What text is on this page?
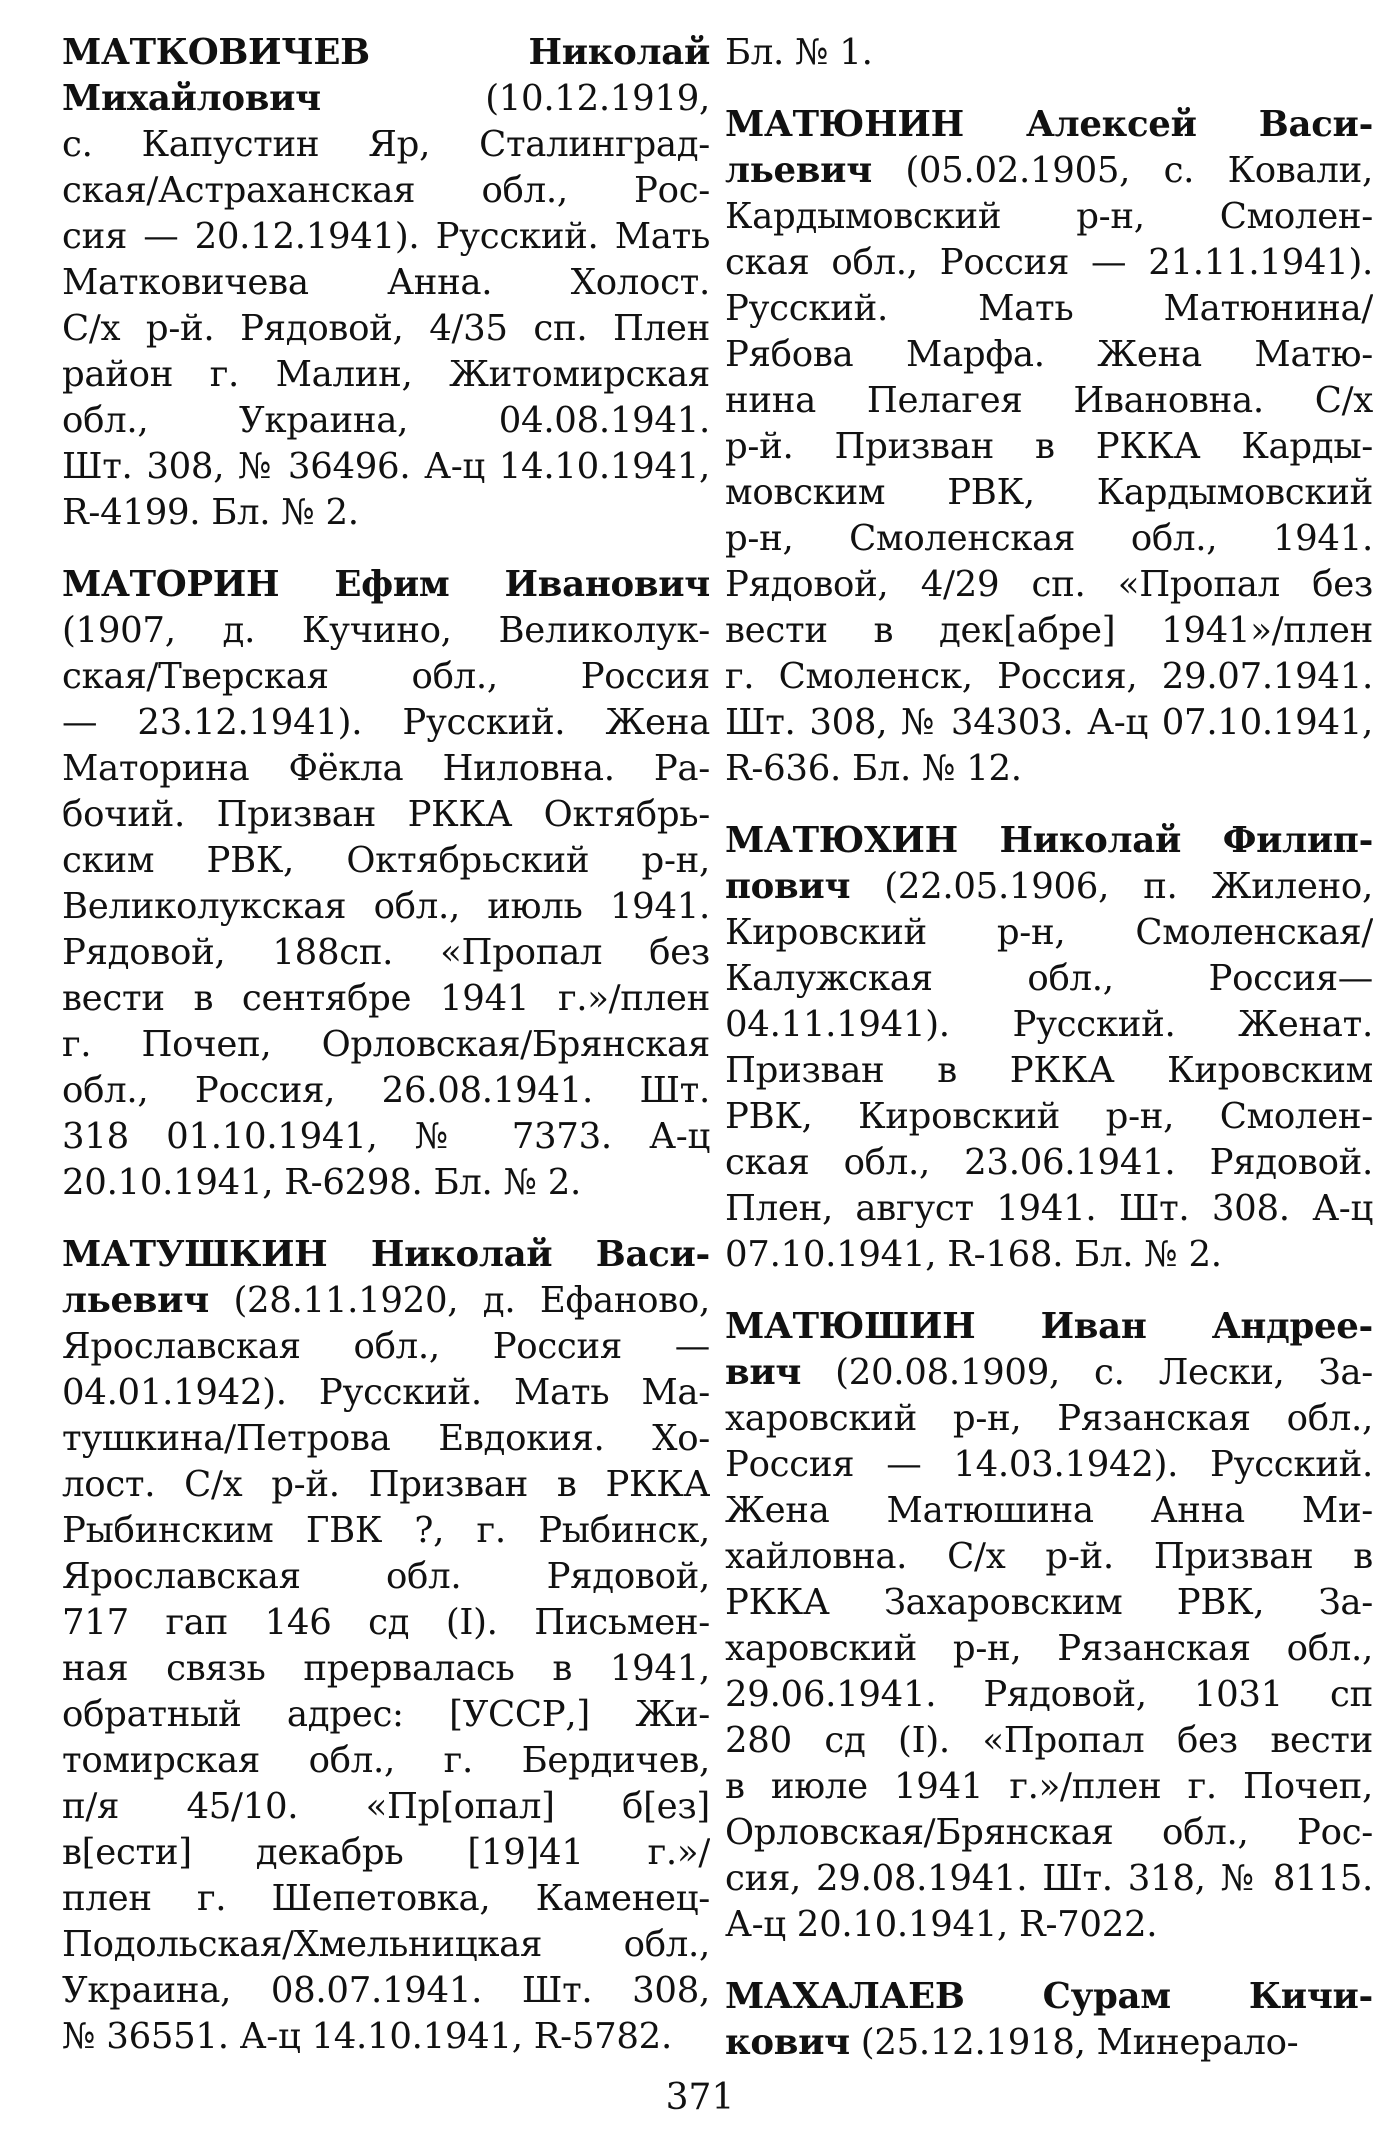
МАТКОВИЧЕВ Николай
Михайлович (10.12.1919,
с. Капустин Яр, Сталинград-
ская/Астраханская обл., Рос-
сия — 20.12.1941). Русский. Мать
Матковичева Анна. Холост.
С/х р-й. Рядовой, 4/35 сп. Плен
район г. Малин, Житомирская
обл., Украина, 04.08.1941.
Шт. 308, № 36496. А-ц 14.10.1941,
R-4199. Бл. № 2.
МАТОРИН Ефим Иванович
(1907, д. Кучино, Великолук-
ская/Тверская обл., Россия
— 23.12.1941). Русский. Жена
Маторина Фёкла Ниловна. Ра-
бочий. Призван РККА Октябрь-
ским РВК, Октябрьский р-н,
Великолукская обл., июль 1941.
Рядовой, 188сп. «Пропал без
вести в сентябре 1941 г.»/плен
г. Почеп, Орловская/Брянская
обл., Россия, 26.08.1941. Шт.
318 01.10.1941, № 7373. А-ц
20.10.1941, R-6298. Бл. № 2.
МАТУШКИН Николай Васи-
льевич (28.11.1920, д. Ефаново,
Ярославская обл., Россия —
04.01.1942). Русский. Мать Ма-
тушкина/Петрова Евдокия. Хо-
лост. С/х р-й. Призван в РККА
Рыбинским ГВК ?, г. Рыбинск,
Ярославская обл. Рядовой,
717 гап 146 сд (I). Письмен-
ная связь прервалась в 1941,
обратный адрес: [УССР,] Жи-
томирская обл., г. Бердичев,
п/я 45/10. «Пр[опал] б[ез]
в[ести] декабрь [19]41 г.»/
плен г. Шепетовка, Каменец-
Подольская/Хмельницкая обл.,
Украина, 08.07.1941. Шт. 308,
№ 36551. А-ц 14.10.1941, R-5782.
Бл. № 1.
МАТЮНИН Алексей Васи-
льевич (05.02.1905, с. Ковали,
Кардымовский р-н, Смолен-
ская обл., Россия — 21.11.1941).
Русский. Мать Матюнина/
Рябова Марфа. Жена Матю-
нина Пелагея Ивановна. С/х
р-й. Призван в РККА Карды-
мовским РВК, Кардымовский
р-н, Смоленская обл., 1941.
Рядовой, 4/29 сп. «Пропал без
вести в дек[абре] 1941»/плен
г. Смоленск, Россия, 29.07.1941.
Шт. 308, № 34303. А-ц 07.10.1941,
R-636. Бл. № 12.
МАТЮХИН Николай Филип-
пович (22.05.1906, п. Жилено,
Кировский р-н, Смоленская/
Калужская обл., Россия—
04.11.1941). Русский. Женат.
Призван в РККА Кировским
РВК, Кировский р-н, Смолен-
ская обл., 23.06.1941. Рядовой.
Плен, август 1941. Шт. 308. А-ц
07.10.1941, R-168. Бл. № 2.
МАТЮШИН Иван Андрее-
вич (20.08.1909, с. Лески, За-
харовский р-н, Рязанская обл.,
Россия — 14.03.1942). Русский.
Жена Матюшина Анна Ми-
хайловна. С/х р-й. Призван в
РККА Захаровским РВК, За-
харовский р-н, Рязанская обл.,
29.06.1941. Рядовой, 1031 сп
280 сд (I). «Пропал без вести
в июле 1941 г.»/плен г. Почеп,
Орловская/Брянская обл., Рос-
сия, 29.08.1941. Шт. 318, № 8115.
А-ц 20.10.1941, R-7022.
МАХАЛАЕВ Сурам Кичи-
кович (25.12.1918, Минерало-
371
